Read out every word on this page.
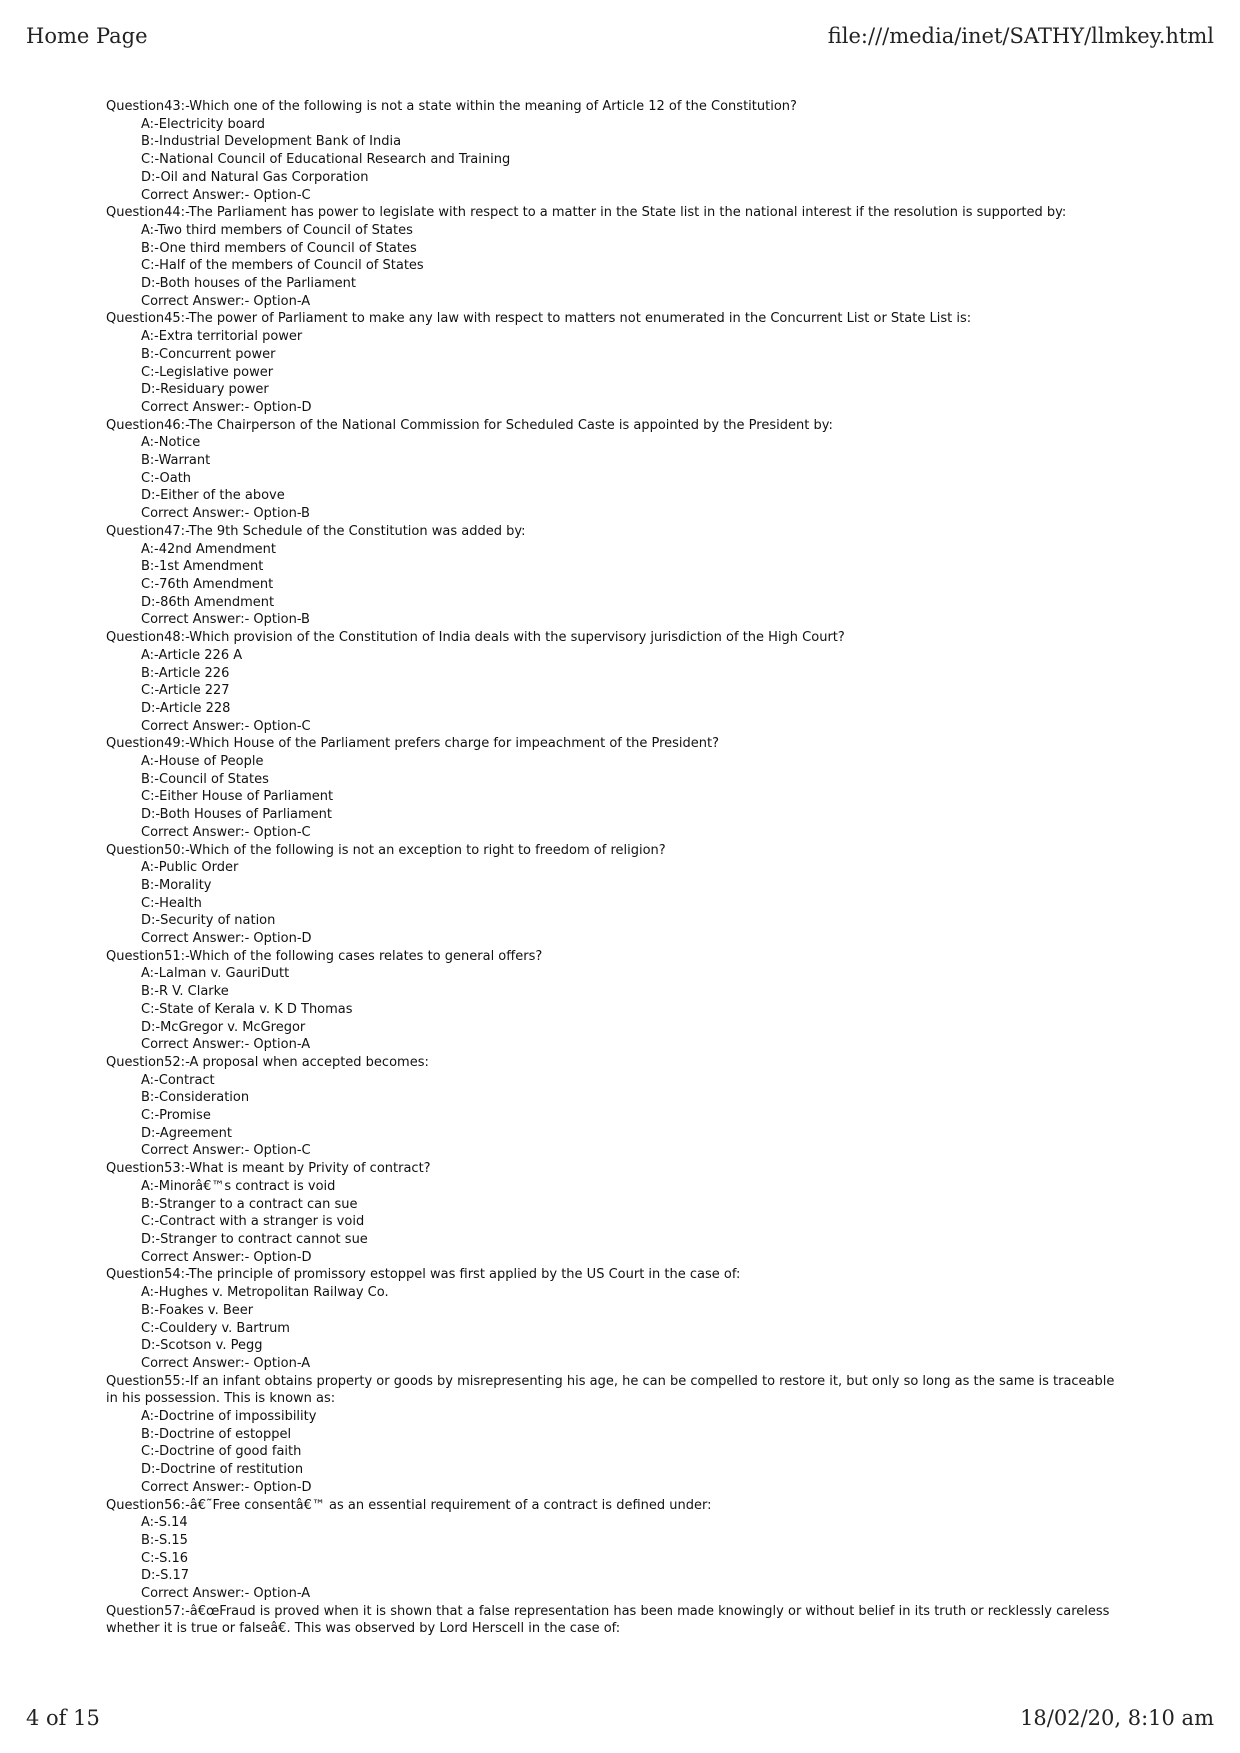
Home Page	file:///media/inet/SATHY/llmkey.html
Question43:-Which one of the following is not a state within the meaning of Article 12 of the Constitution?
A:-Electricity board
B:-Industrial Development Bank of India
C:-National Council of Educational Research and Training
D:-Oil and Natural Gas Corporation
Correct Answer:- Option-C
Question44:-The Parliament has power to legislate with respect to a matter in the State list in the national interest if the resolution is supported by:
A:-Two third members of Council of States
B:-One third members of Council of States
C:-Half of the members of Council of States
D:-Both houses of the Parliament
Correct Answer:- Option-A
Question45:-The power of Parliament to make any law with respect to matters not enumerated in the Concurrent List or State List is:
A:-Extra territorial power
B:-Concurrent power
C:-Legislative power
D:-Residuary power
Correct Answer:- Option-D
Question46:-The Chairperson of the National Commission for Scheduled Caste is appointed by the President by:
A:-Notice
B:-Warrant
C:-Oath
D:-Either of the above
Correct Answer:- Option-B
Question47:-The 9th Schedule of the Constitution was added by:
A:-42nd Amendment
B:-1st Amendment
C:-76th Amendment
D:-86th Amendment
Correct Answer:- Option-B
Question48:-Which provision of the Constitution of India deals with the supervisory jurisdiction of the High Court?
A:-Article 226 A
B:-Article 226
C:-Article 227
D:-Article 228
Correct Answer:- Option-C
Question49:-Which House of the Parliament prefers charge for impeachment of the President?
A:-House of People
B:-Council of States
C:-Either House of Parliament
D:-Both Houses of Parliament
Correct Answer:- Option-C
Question50:-Which of the following is not an exception to right to freedom of religion?
A:-Public Order
B:-Morality
C:-Health
D:-Security of nation
Correct Answer:- Option-D
Question51:-Which of the following cases relates to general offers?
A:-Lalman v. GauriDutt
B:-R V. Clarke
C:-State of Kerala v. K D Thomas
D:-McGregor v. McGregor
Correct Answer:- Option-A
Question52:-A proposal when accepted becomes:
A:-Contract
B:-Consideration
C:-Promise
D:-Agreement
Correct Answer:- Option-C
Question53:-What is meant by Privity of contract?
A:-Minorâ€™s contract is void
B:-Stranger to a contract can sue
C:-Contract with a stranger is void
D:-Stranger to contract cannot sue
Correct Answer:- Option-D
Question54:-The principle of promissory estoppel was first applied by the US Court in the case of:
A:-Hughes v. Metropolitan Railway Co.
B:-Foakes v. Beer
C:-Couldery v. Bartrum
D:-Scotson v. Pegg
Correct Answer:- Option-A
Question55:-If an infant obtains property or goods by misrepresenting his age, he can be compelled to restore it, but only so long as the same is traceable in his possession. This is known as:
A:-Doctrine of impossibility
B:-Doctrine of estoppel
C:-Doctrine of good faith
D:-Doctrine of restitution
Correct Answer:- Option-D
Question56:-â€˜Free consentâ€™ as an essential requirement of a contract is defined under:
A:-S.14
B:-S.15
C:-S.16
D:-S.17
Correct Answer:- Option-A
Question57:-â€œFraud is proved when it is shown that a false representation has been made knowingly or without belief in its truth or recklessly careless whether it is true or falseâ€. This was observed by Lord Herscell in the case of:
4 of 15	18/02/20, 8:10 am
